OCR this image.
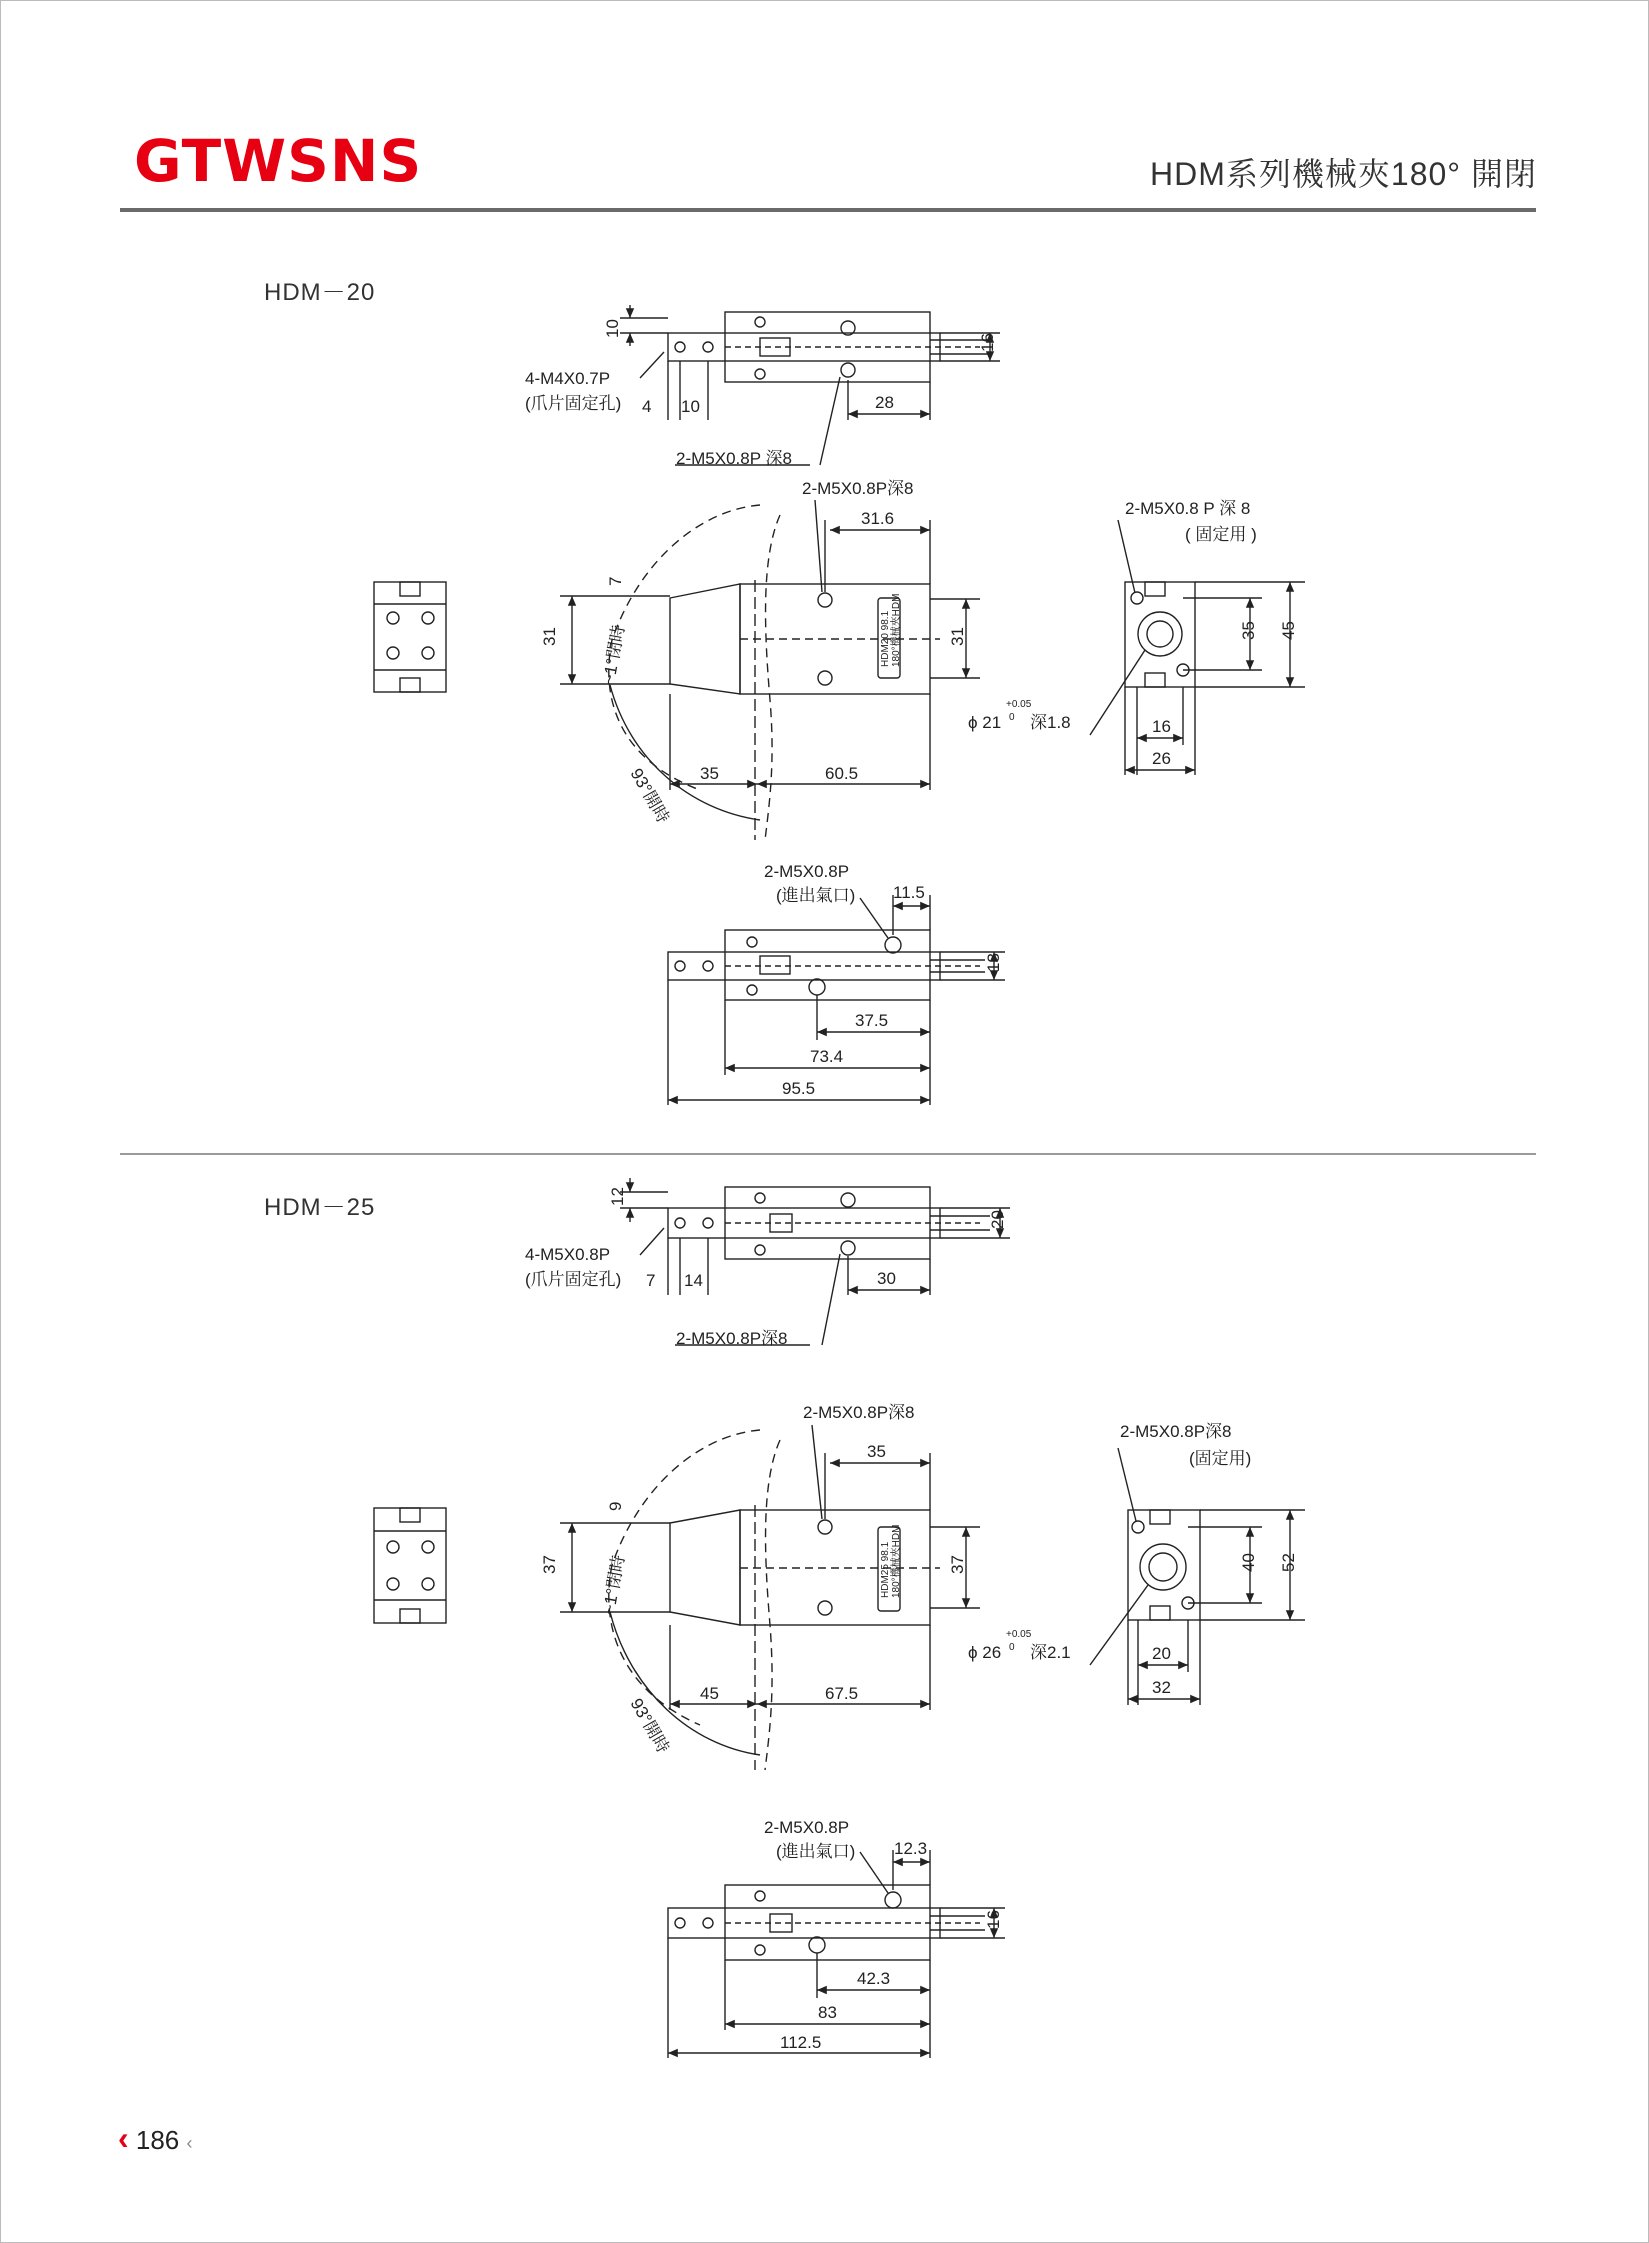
GTWSNS	HDM系列機械夾180° 開閉
HDM－20
HDM－25
‹ 186 ‹
4-M4X0.7P
(爪片固定孔)
10
4 10	28
16
2-M5X0.8P 深8
2-M5X0.8P深8
31.6
7
31 ~1°閉時
93°開時 35	60.5
31
HDM20 98.1 180°機械夾HDM
2-M5X0.8 P 深 8
( 固定用 )
ϕ 21
+0.05
0 深1.8
35 45
16
26
2-M5X0.8P
(進出氣口) 11.5
13
37.5
73.4
95.5
4-M5X0.8P
(爪片固定孔)
12
7 14	30
20
2-M5X0.8P深8
2-M5X0.8P深8
35
9
37 ~1°閉時
93°開時
45	67.5
37
HDM25 98.1 180°機械夾HDM
2-M5X0.8P深8
(固定用)
ϕ 26
+0.05
0 深2.1
40 52
20
32
2-M5X0.8P
(進出氣口) 12.3
16
42.3
83
112.5
